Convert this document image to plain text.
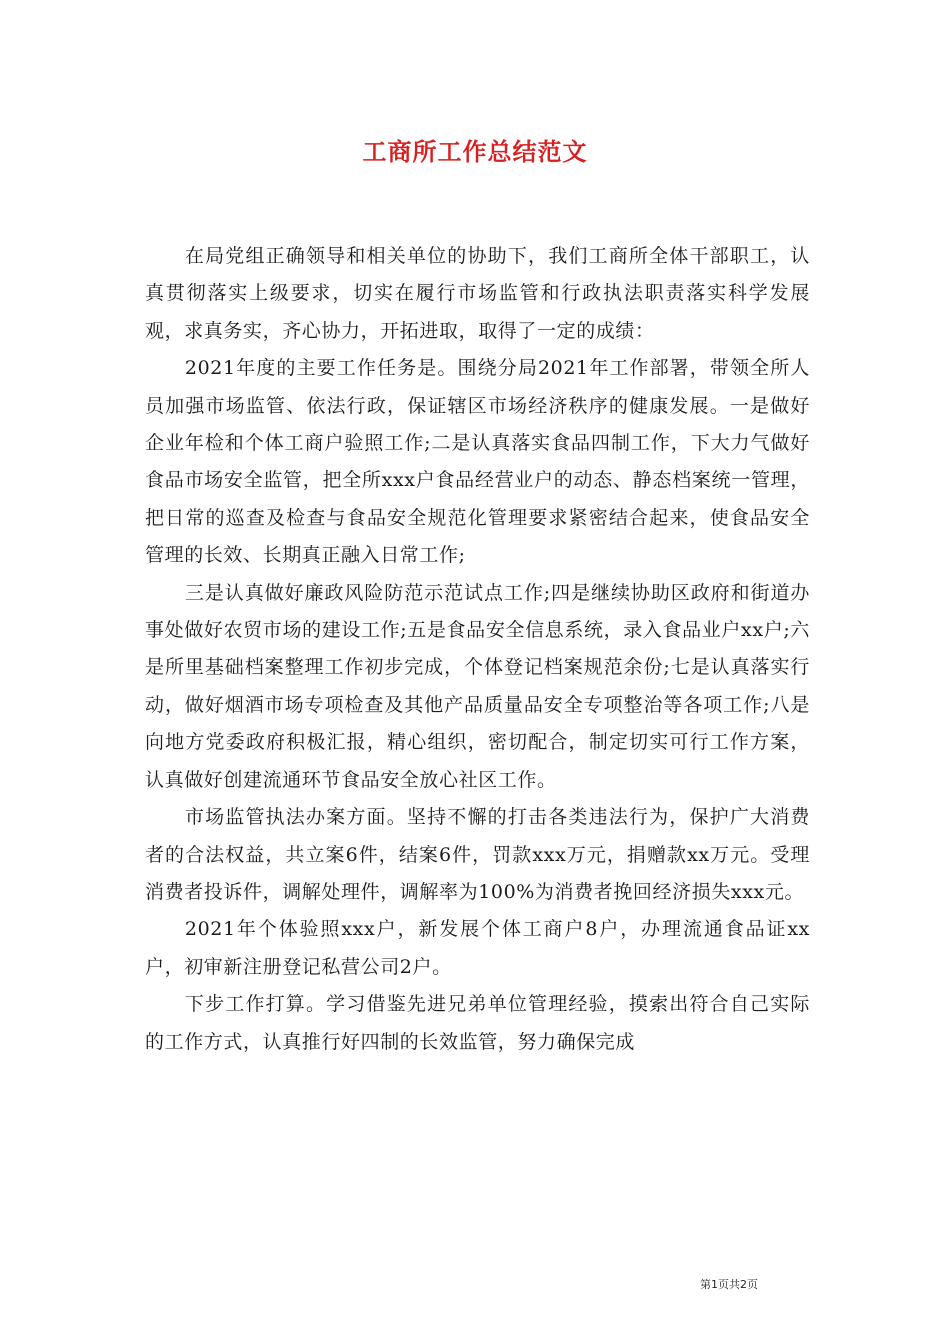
工商所工作总结范文

在局党组正确领导和相关单位的协助下，我们工商所全体干部职工，认真贯彻落实上级要求，切实在履行市场监管和行政执法职责落实科学发展观，求真务实，齐心协力，开拓进取，取得了一定的成绩：

2021年度的主要工作任务是。围绕分局2021年工作部署，带领全所人员加强市场监管、依法行政，保证辖区市场经济秩序的健康发展。一是做好企业年检和个体工商户验照工作;二是认真落实食品四制工作，下大力气做好食品市场安全监管，把全所xxx户食品经营业户的动态、静态档案统一管理，把日常的巡查及检查与食品安全规范化管理要求紧密结合起来，使食品安全管理的长效、长期真正融入日常工作;

三是认真做好廉政风险防范示范试点工作;四是继续协助区政府和街道办事处做好农贸市场的建设工作;五是食品安全信息系统，录入食品业户xx户;六是所里基础档案整理工作初步完成，个体登记档案规范余份;七是认真落实行动，做好烟酒市场专项检查及其他产品质量品安全专项整治等各项工作;八是向地方党委政府积极汇报，精心组织，密切配合，制定切实可行工作方案，认真做好创建流通环节食品安全放心社区工作。

市场监管执法办案方面。坚持不懈的打击各类违法行为，保护广大消费者的合法权益，共立案6件，结案6件，罚款xxx万元，捐赠款xx万元。受理消费者投诉件，调解处理件，调解率为100%为消费者挽回经济损失xxx元。

2021年个体验照xxx户，新发展个体工商户8户，办理流通食品证xx户，初审新注册登记私营公司2户。

下步工作打算。学习借鉴先进兄弟单位管理经验，摸索出符合自己实际的工作方式，认真推行好四制的长效监管，努力确保完成

第1页共2页
